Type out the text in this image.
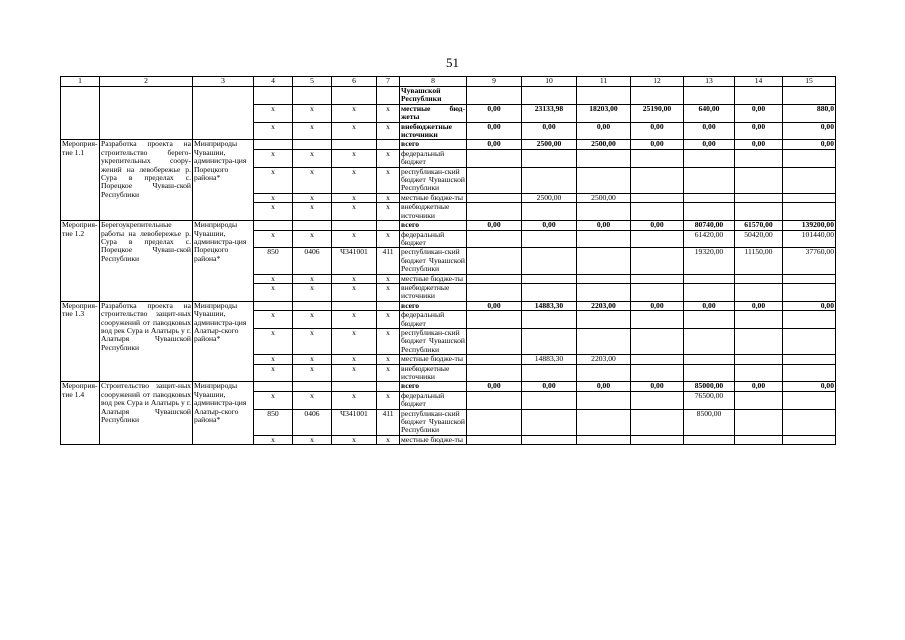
51
1	2	3	4	5	6	7	8	9	10	11	12	13	14	15
							Чувашской Республики							
			x	x	x	x	местные бюд-жеты	0,00	23133,98	18203,00	25190,00	640,00	0,00	880,0
			x	x	x	x	внебюджетные источники	0,00	0,00	0,00	0,00	0,00	0,00	0,00
Мероприя-тие 1.1	Разработка проекта на строительство берего-укрепительных соору-жений на левобережье р. Сура в пределах с. Порецкое Чуваш-ской Республики	Минприроды Чувашии, администра-ция Порецкого района*					всего	0,00	2500,00	2500,00	0,00	0,00	0,00	0,00
			x	x	x	x	федеральный бюджет							
			x	x	x	x	республикан-ский бюджет Чувашской Республики							
			x	x	x	x	местные бюдже-ты		2500,00	2500,00				
			x	x	x	x	внебюджетные источники							
Мероприя-тие 1.2	Берегоукрепительные работы на левобережье р. Сура в пределах с. Порецкое Чуваш-ской Республики	Минприроды Чувашии, администра-ция Порецкого района*					всего	0,00	0,00	0,00	0,00	80740,00	61570,00	139200,00
			x	x	x	x	федеральный бюджет					61420,00	50420,00	101440,00
			850	0406	Ч341001	411	республикан-ский бюджет Чувашской Республики					19320,00	11150,00	37760,00
			x	x	x	x	местные бюдже-ты							
			x	x	x	x	внебюджетные источники							
Мероприя-тие 1.3	Разработка проекта на строительство защит-ных сооружений от паводковых вод рек Сура и Алатырь у г. Алатыря Чувашской Республики	Минприроды Чувашии, администра-ция Алатыр-ского района*					всего	0,00	14883,30	2203,00	0,00	0,00	0,00	0,00
			x	x	x	x	федеральный бюджет							
			x	x	x	x	республикан-ский бюджет Чувашской Республики							
			x	x	x	x	местные бюдже-ты		14883,30	2203,00				
			x	x	x	x	внебюджетные источники							
Мероприя-тие 1.4	Строительство защит-ных сооружений от паводковых вод рек Сура и Алатырь у г. Алатыря Чувашской Республики	Минприроды Чувашии, администра-ция Алатыр-ского района*					всего	0,00	0,00	0,00	0,00	85000,00	0,00	0,00
			x	x	x	x	федеральный бюджет					76500,00		
			850	0406	Ч341001	411	республикан-ский бюджет Чувашской Республики					8500,00		
			x	x	x	x	местные бюдже-ты							
